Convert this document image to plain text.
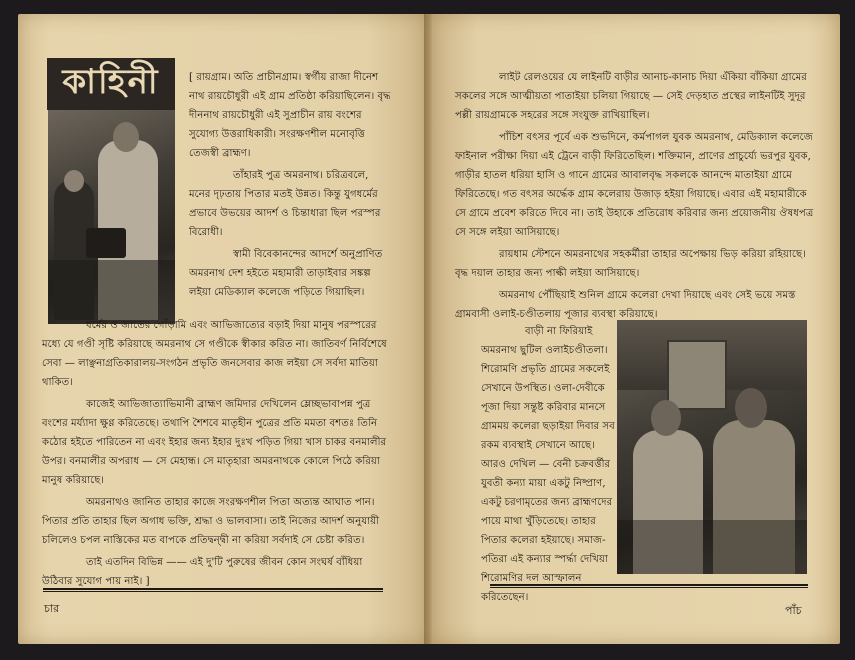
কাহিনী	[ রায়গ্রাম। অতি প্রাচীনগ্রাম। স্বর্গীয় রাজা দীনেশ নাথ রায়চৌধুরী এই গ্রাম প্রতিষ্ঠা করিয়াছিলেন। বৃদ্ধ দীননাথ রায়চৌধুরী এই সুপ্রাচীন রায় বংশের সুযোগ্য উত্তরাধিকারী। সংরক্ষণশীল মনোবৃত্তি তেজস্বী ব্রাহ্মণ।

তাঁহারই পুত্র অমরনাথ। চরিত্রবলে, মনের দৃঢ়তায় পিতার মতই উন্নত। কিন্তু যুগধর্মের প্রভাবে উভয়ের আদর্শ ও চিন্তাধারা ছিল পরস্পর বিরোধী।

স্বামী বিবেকানন্দের আদর্শে অনুপ্রাণিত অমরনাথ দেশ হইতে মহামারী তাড়াইবার সঙ্কল্প লইয়া মেডিক্যাল কলেজে পড়িতে গিয়াছিল।

ধর্মের ও জাতের গোঁড়ামি এবং আভিজাত্যের বড়াই দিয়া মানুষ পরস্পরের মধ্যে যে গণ্ডী সৃষ্টি করিয়াছে অমরনাথ সে গণ্ডীকে স্বীকার করিত না। জাতিবর্ণ নির্বিশেষে সেবা — লাঞ্ছনাগ্রতিকারালয়-সংগঠন প্রভৃতি জনসেবার কাজ লইয়া সে সর্বদা মাতিয়া থাকিত।

কাজেই আভিজাত্যাভিমানী ব্রাহ্মণ জমিদার দেখিলেন ম্লেচ্ছভাবাপন্ন পুত্র বংশের মর্য্যাদা ক্ষুণ্ণ করিতেছে। তথাপি শৈশবে মাতৃহীন পুত্রের প্রতি মমতা বশতঃ তিনি কঠোর হইতে পারিতেন না এবং ইহার জন্য ইহার দুঃখ পড়িত গিয়া খাস চাকর বনমালীর উপর। বনমালীর অপরাধ — সে মেহান্ধ। সে মাতৃহারা অমরনাথকে কোলে পিঠে করিয়া মানুষ করিয়াছে।

অমরনাথও জানিত তাহার কাজে সংরক্ষণশীল পিতা অত্যন্ত আঘাত পান। পিতার প্রতি তাহার ছিল অগাধ ভক্তি, শ্রদ্ধা ও ভালবাসা। তাই নিজের আদর্শ অনুযায়ী চলিলেও চপল নাস্তিকের মত বাপকে প্রতিদ্বন্দ্বী না করিয়া সর্বদাই সে চেষ্টা করিত।

তাই এতদিন বিভিন্ন —— এই দু'টি পুরুষের জীবন কোন সংঘর্ষ বাঁধিয়া উঠিবার সুযোগ পায় নাই। ]

চার

লাইট রেলওয়ের যে লাইনটি বাড়ীর আনাচ-কানাচ দিয়া এঁকিয়া বাঁকিয়া গ্রামের সকলের সঙ্গে আত্মীয়তা পাতাইয়া চলিয়া গিয়াছে — সেই দেড়হাত প্রস্থের লাইনটিই সুদূর পল্লী রায়গ্রামকে সহরের সঙ্গে সংযুক্ত রাখিয়াছিল।

পাঁচিশ বৎসর পূর্বে এক শুভদিনে, কর্মপাগল যুবক অমরনাথ, মেডিক্যাল কলেজে ফাইনাল পরীক্ষা দিয়া এই ট্রেনে বাড়ী ফিরিতেছিল। শক্তিমান, প্রাণের প্রাচুর্য্যে ভরপুর যুবক, গাড়ীর হাতল ধরিয়া হাসি ও গানে গ্রামের আবালবৃদ্ধ সকলকে আনন্দে মাতাইয়া গ্রামে ফিরিতেছে। গত বৎসর অর্দ্ধেক গ্রাম কলেরায় উজাড় হইয়া গিয়াছে। এবার এই মহামারীকে সে গ্রামে প্রবেশ করিতে দিবে না। তাই উহাকে প্রতিরোধ করিবার জন্য প্রয়োজনীয় ঔষধপত্র সে সঙ্গে লইয়া আসিয়াছে।

রায়ধাম স্টেশনে অমরনাথের সহকর্মীরা তাহার অপেক্ষায় ভিড় করিয়া রহিয়াছে। বৃদ্ধ দয়াল তাহার জন্য পাল্কী লইয়া আসিয়াছে।

অমরনাথ পৌঁছিয়াই শুনিল গ্রামে কলেরা দেখা দিয়াছে এবং সেই ভয়ে সমস্ত গ্রামবাসী ওলাই-চণ্ডীতলায় পূজার ব্যবস্থা করিয়াছে।

বাড়ী না ফিরিয়াই অমরনাথ ছুটিল ওলাইচণ্ডীতলা। শিরোমণি প্রভৃতি গ্রামের সকলেই সেখানে উপস্থিত। ওলা-দেবীকে পূজা দিয়া সন্তুষ্ট করিবার মানসে গ্রামময় কলেরা ছড়াইয়া দিবার সব রকম ব্যবস্থাই সেখানে আছে। আরও দেখিল — বেনী চক্রবর্ত্তীর যুবতী কন্যা মায়া একটু নিষ্প্রাণ, একটু চরণামৃতের জন্য ব্রাহ্মণদের পায়ে মাথা খুঁড়িতেছে। তাহার পিতার কলেরা হইয়াছে। সমাজ-পতিরা এই কন্যার স্পর্দ্ধা দেখিয়া শিরোমণির দল আস্ফালন করিতেছেন।

পাঁচ
